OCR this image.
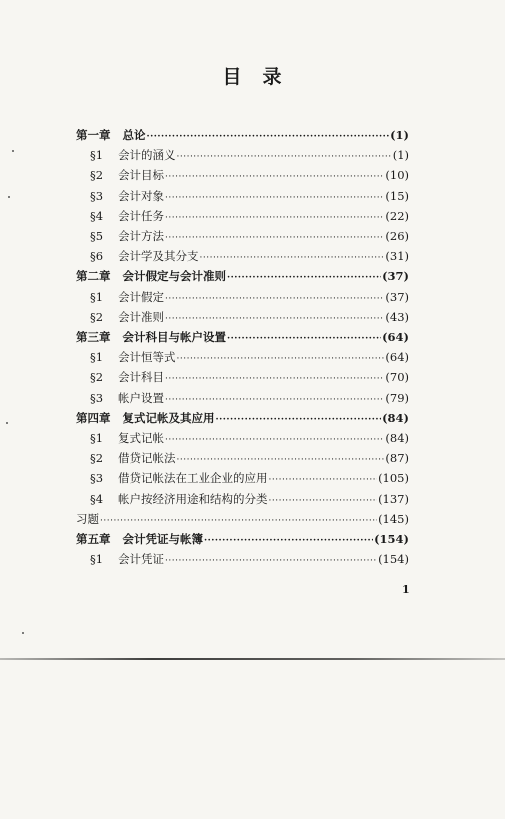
目　录
第一章 总论 ·····	(1)
§1	会计的涵义 ·····	(1)
§2	会计目标 ·····	(10)
§3	会计对象 ·····	(15)
§4	会计任务 ·····	(22)
§5	会计方法 ·····	(26)
§6	会计学及其分支 ·····	(31)
第二章 会计假定与会计准则 ·····	(37)
§1	会计假定 ·····	(37)
§2	会计准则 ·····	(43)
第三章 会计科目与帐户设置 ·····	(64)
§1	会计恒等式 ·····	(64)
§2	会计科目 ·····	(70)
§3	帐户设置 ·····	(79)
第四章 复式记帐及其应用 ·····	(84)
§1	复式记帐 ·····	(84)
§2	借贷记帐法 ·····	(87)
§3	借贷记帐法在工业企业的应用 ·····	(105)
§4	帐户按经济用途和结构的分类 ·····	(137)
习题 ·····	(145)
第五章 会计凭证与帐簿 ·····	(154)
§1	会计凭证 ·····	(154)
1
